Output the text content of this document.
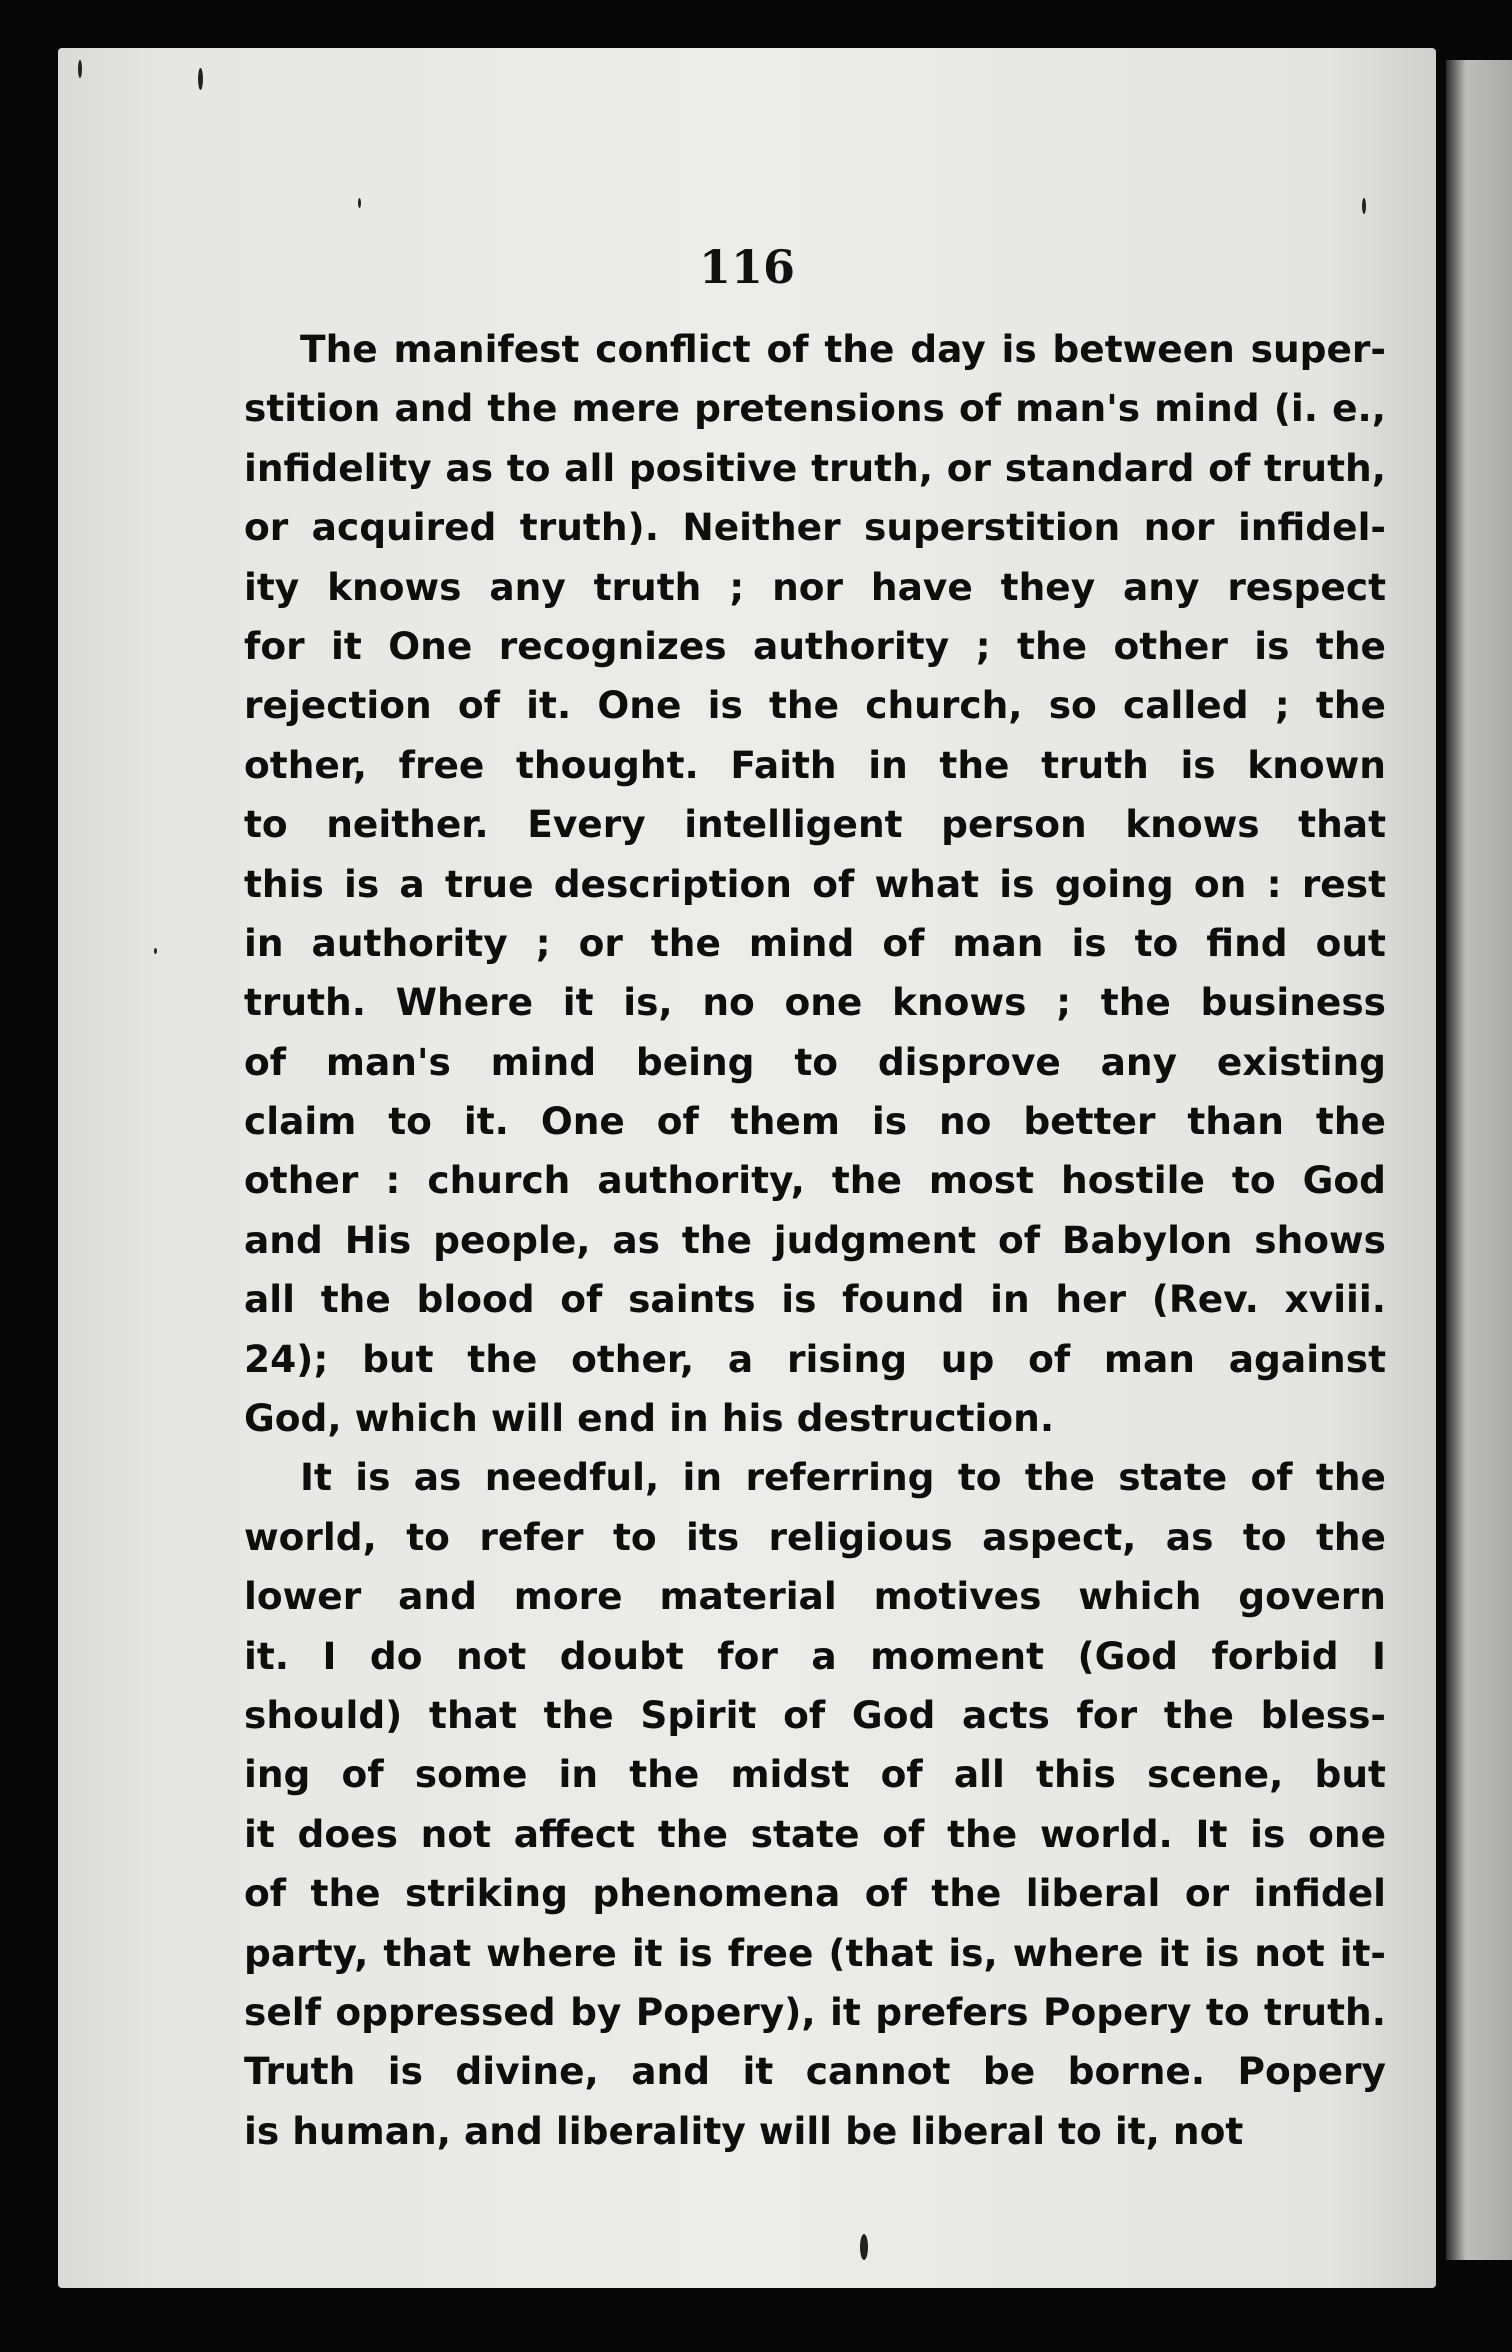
116

The manifest conflict of the day is between super-
stition and the mere pretensions of man's mind (i. e.,
infidelity as to all positive truth, or standard of truth,
or acquired truth). Neither superstition nor infidel-
ity knows any truth ; nor have they any respect
for it One recognizes authority ; the other is the
rejection of it. One is the church, so called ; the
other, free thought. Faith in the truth is known
to neither. Every intelligent person knows that
this is a true description of what is going on : rest
in authority ; or the mind of man is to find out
truth. Where it is, no one knows ; the business
of man's mind being to disprove any existing
claim to it. One of them is no better than the
other : church authority, the most hostile to God
and His people, as the judgment of Babylon shows
all the blood of saints is found in her (Rev. xviii.
24); but the other, a rising up of man against
God, which will end in his destruction.

It is as needful, in referring to the state of the
world, to refer to its religious aspect, as to the
lower and more material motives which govern
it. I do not doubt for a moment (God forbid I
should) that the Spirit of God acts for the bless-
ing of some in the midst of all this scene, but
it does not affect the state of the world. It is one
of the striking phenomena of the liberal or infidel
party, that where it is free (that is, where it is not it-
self oppressed by Popery), it prefers Popery to truth.
Truth is divine, and it cannot be borne. Popery
is human, and liberality will be liberal to it, not
